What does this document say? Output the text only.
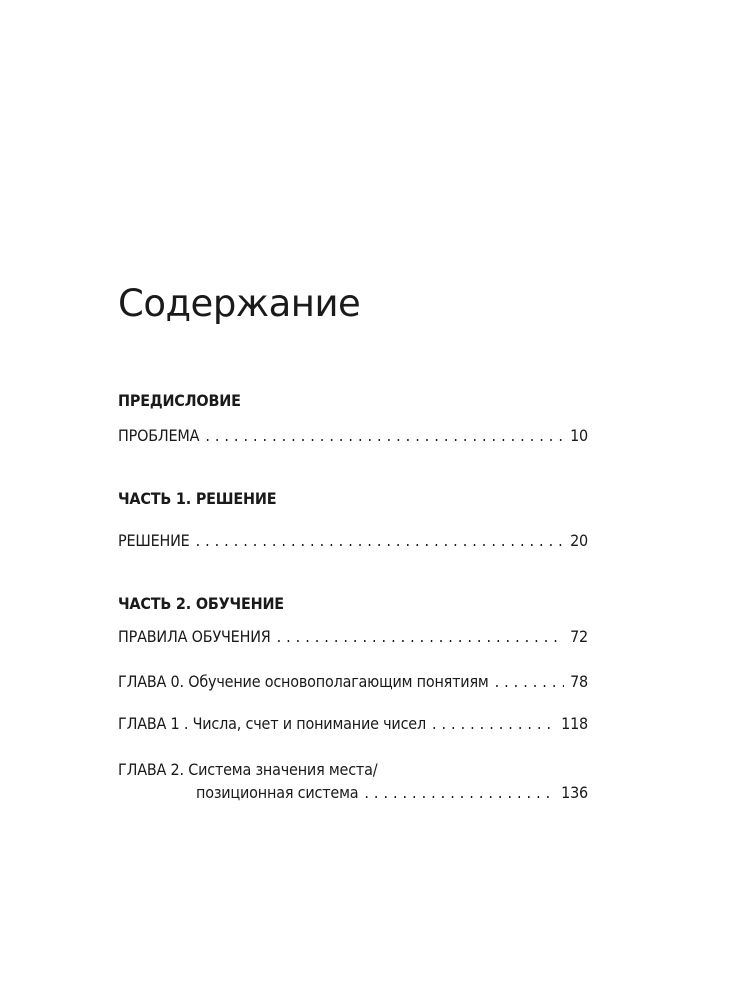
Содержание
ПРЕДИСЛОВИЕ
ПРОБЛЕМА . . .	10
ЧАСТЬ 1. РЕШЕНИЕ
РЕШЕНИЕ . . .	20
ЧАСТЬ 2. ОБУЧЕНИЕ
ПРАВИЛА ОБУЧЕНИЯ . . .	72
ГЛАВА 0. Обучение основополагающим понятиям . . .	78
ГЛАВА 1 . Числа, счет и понимание чисел . . .	118
ГЛАВА 2. Система значения места/
позиционная система . . .	136
